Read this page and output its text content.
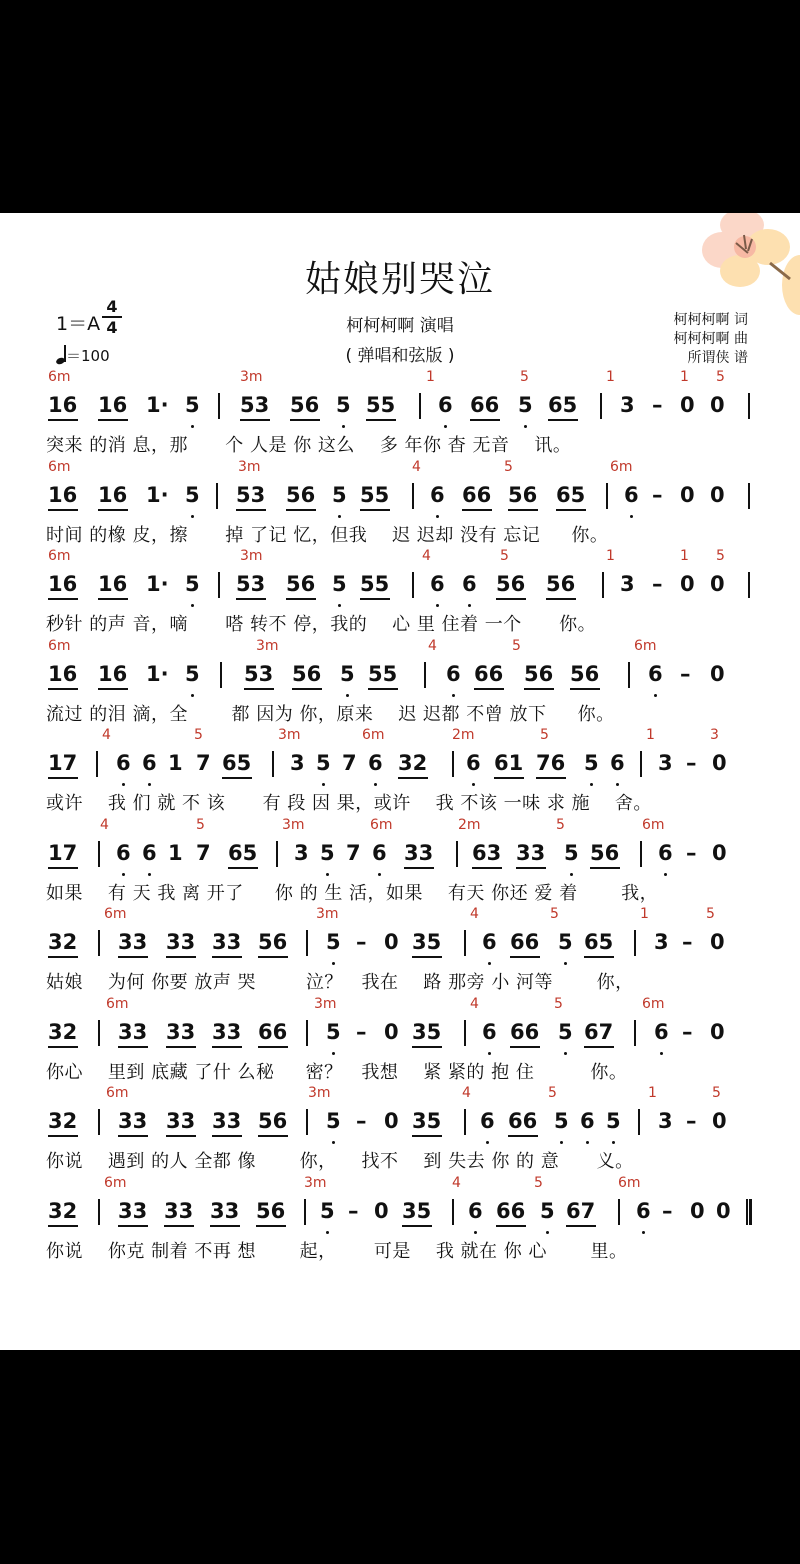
姑娘别哭泣
1＝A
4
4
＝100
柯柯柯啊 演唱
( 弹唱和弦版 )
柯柯柯啊 词
柯柯柯啊 曲
所谓侠 谱
6m	3m	1	5	1	1 5
16 16 1· 5 53 56 5 55 6 66 5 65 3 – 0 0
突来 的消 息，那      个 人是 你 这么    多 年你 杳 无音    讯。
6m	3m	4	5	6m
16 16 1· 5 53 56 5 55 6 66 56 65 6 – 0 0
时间 的橡 皮，擦      掉 了记 忆，但我    迟 迟却 没有 忘记     你。
6m	3m	4	5	1	1 5
16 16 1· 5 53 56 5 55 6 6 56 56 3 – 0 0
秒针 的声 音，嘀      嗒 转不 停，我的    心 里 住着 一个      你。
6m	3m	4	5	6m
16 16 1· 5 53 56 5 55 6 66 56 56 6 – 0
流过 的泪 滴，全       都 因为 你，原来    迟 迟都 不曾 放下     你。
4	5	3m	6m	2m	5	1	3
17 6 6 1 7 65 3 5 7 6 32 6 61 76 5 6 3 – 0
或许    我 们 就 不 该      有 段 因 果，或许    我 不该 一味 求 施    舍。
4	5	3m	6m	2m	5	6m
17 6 6 1 7 65 3 5 7 6 33 63 33 5 56 6 – 0
如果    有 天 我 离 开了     你 的 生 活，如果    有天 你还 爱 着       我，
6m	3m	4	5	1	5
32 33 33 33 56 5 – 0 35 6 66 5 65 3 – 0
姑娘    为何 你要 放声 哭        泣？   我在    路 那旁 小 河等       你，
6m	3m	4	5	6m
32 33 33 33 66 5 – 0 35 6 66 5 67 6 – 0
你心    里到 底藏 了什 么秘     密？   我想    紧 紧的 抱 住         你。
6m	3m	4	5	1	5
32 33 33 33 56 5 – 0 35 6 66 5 6 5 3 – 0
你说    遇到 的人 全都 像       你，    找不    到 失去 你 的 意      义。
6m	3m	4	5	6m
32 33 33 33 56 5 – 0 35 6 66 5 67 6 – 0 0
你说    你克 制着 不再 想       起，      可是    我 就在 你 心       里。
